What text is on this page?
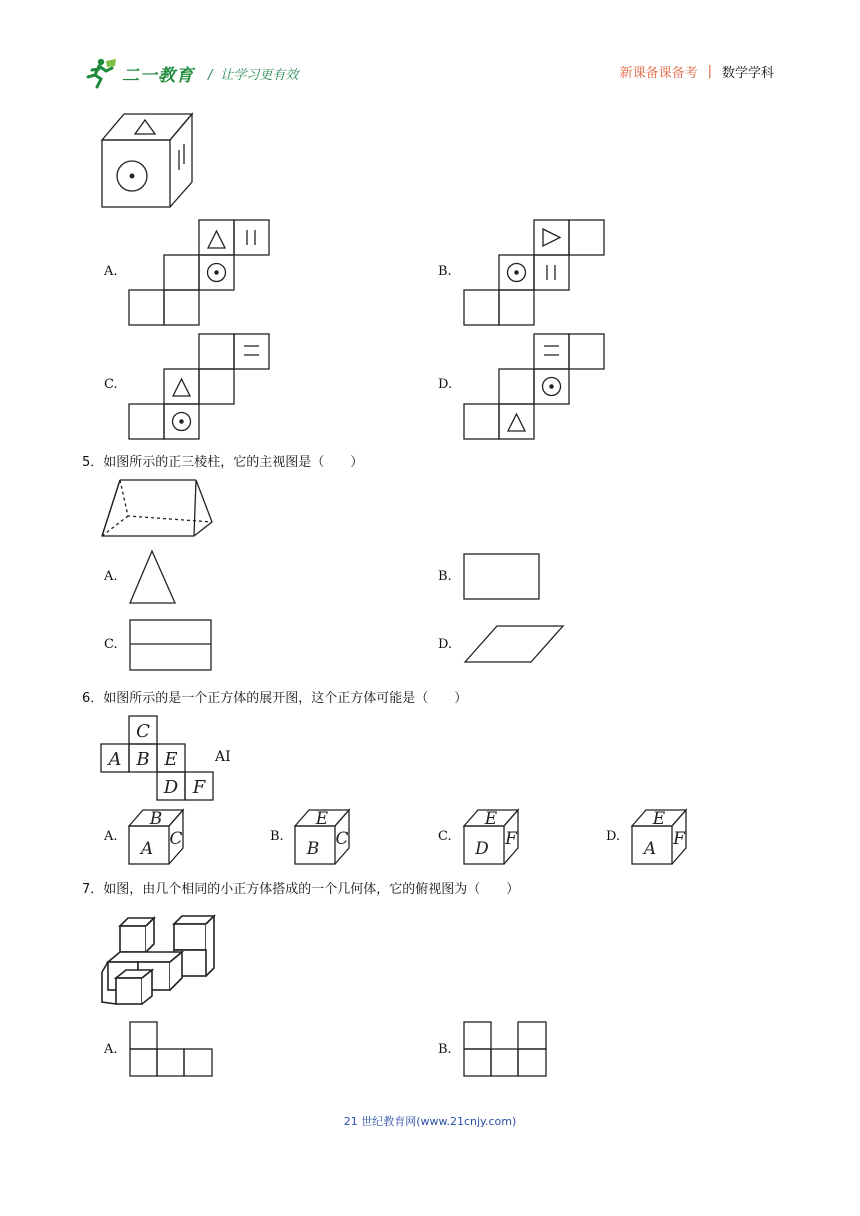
二一教育 / 让学习更有效	新课备课备考 | 数学学科
A.	B.
C.	D.
5．如图所示的正三棱柱，它的主视图是（　　）
A.	B.
C.	D.
6．如图所示的是一个正方体的展开图，这个正方体可能是（　　）
C
A B E
D F
AI
A.
B
A C	B.
E
B C	C.
E
D F	D.
E
A F
7．如图，由几个相同的小正方体搭成的一个几何体，它的俯视图为（　　）
A.	B.
21 世纪教育网(www.21cnjy.com)
